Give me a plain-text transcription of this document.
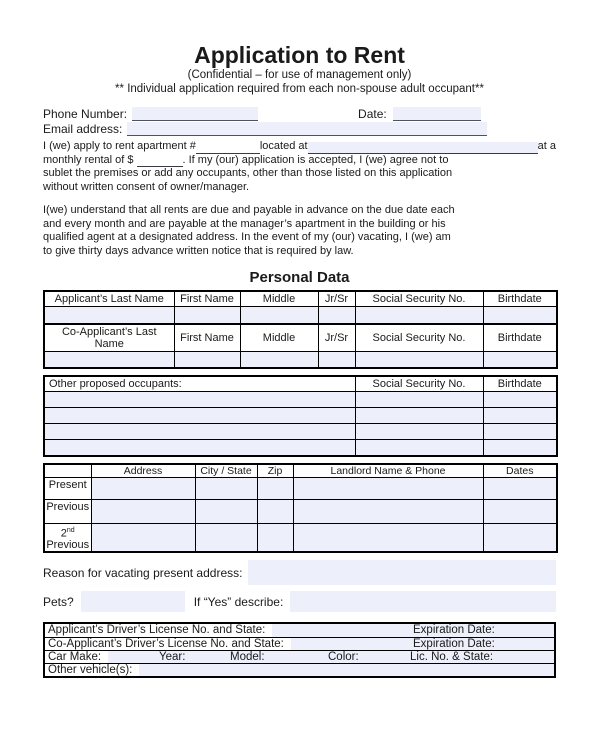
Application to Rent
(Confidential – for use of management only)
** Individual application required from each non-spouse adult occupant**
Phone Number:	Date:
Email address:
I (we) apply to rent apartment #	located at	at a
monthly rental of $	. If my (our) application is accepted, I (we) agree not to
sublet the premises or add any occupants, other than those listed on this application
without written consent of owner/manager.
I(we) understand that all rents are due and payable in advance on the due date each
and every month and are payable at the manager’s apartment in the building or his
qualified agent at a designated address. In the event of my (our) vacating, I (we) am
to give thirty days advance written notice that is required by law.
Personal Data
Applicant’s Last Name	First Name	Middle	Jr/Sr	Social Security No.	Birthdate

Co-Applicant’s Last Name	First Name	Middle	Jr/Sr	Social Security No.	Birthdate

Other proposed occupants:	Social Security No.	Birthdate

	Address	City / State	Zip	Landlord Name & Phone	Dates
Present					
Previous					
2nd
Previous					
Reason for vacating present address:
Pets?	If “Yes” describe:
Applicant’s Driver’s License No. and State:	Expiration Date:
Co-Applicant’s Driver’s License No. and State:	Expiration Date:
Car Make:	Year:	Model:	Color:	Lic. No. & State:
Other vehicle(s):
